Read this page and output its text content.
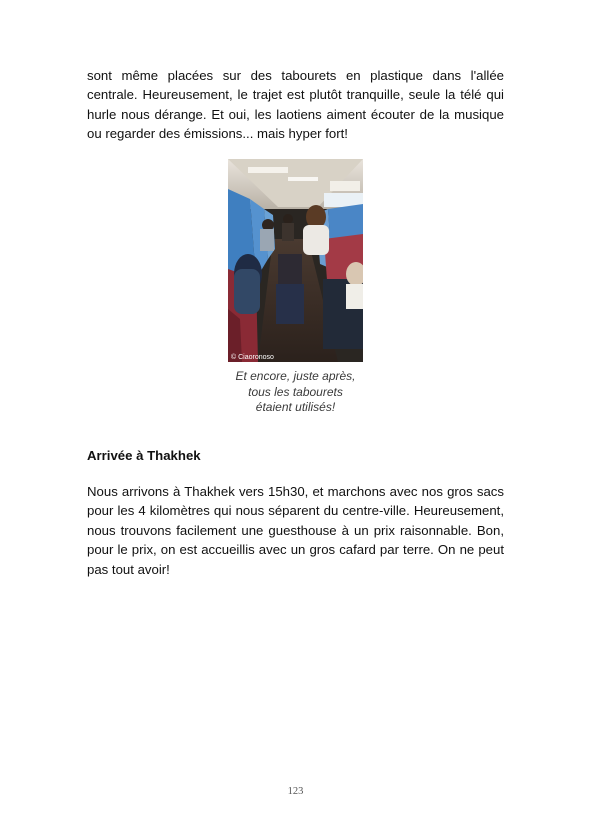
sont même placées sur des tabourets en plastique dans l'allée centrale. Heureusement, le trajet est plutôt tranquille, seule la télé qui hurle nous dérange. Et oui, les laotiens aiment écouter de la musique ou regarder des émissions... mais hyper fort!

© Ciaoronoso
Et encore, juste après,
tous les tabourets
étaient utilisés!
Arrivée à Thakhek

Nous arrivons à Thakhek vers 15h30, et marchons avec nos gros sacs pour les 4 kilomètres qui nous séparent du centre-ville. Heureusement, nous trouvons facilement une guesthouse à un prix raisonnable. Bon, pour le prix, on est accueillis avec un gros cafard par terre. On ne peut pas tout avoir!

123
